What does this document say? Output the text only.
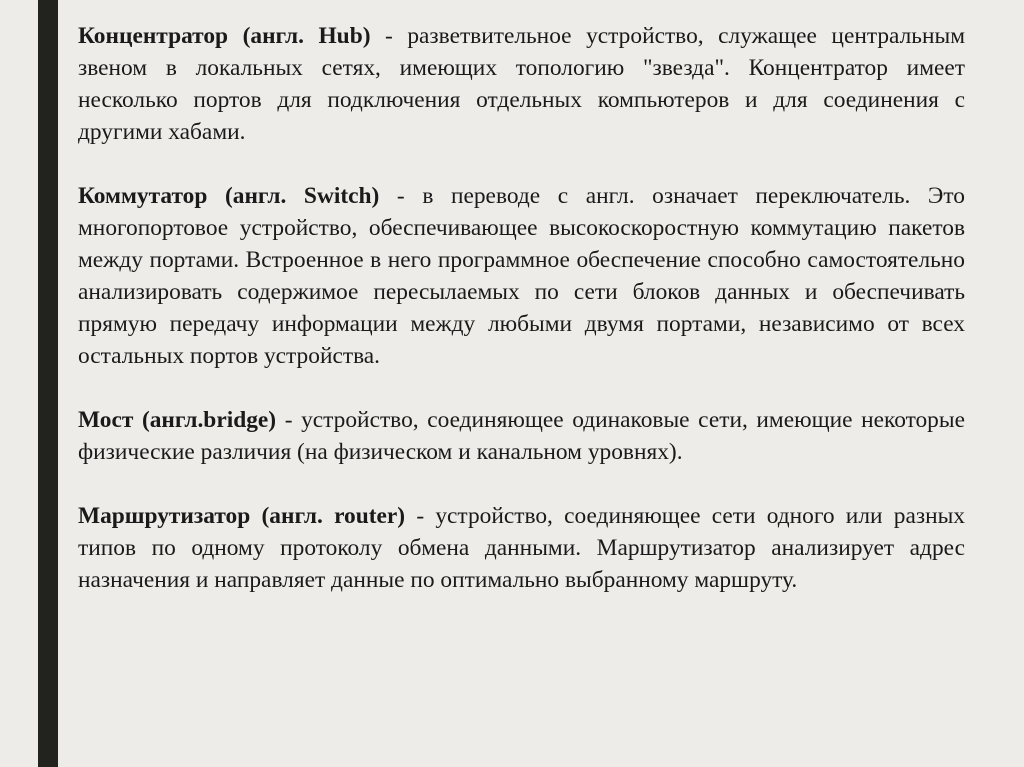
Концентратор (англ. Hub) - разветвительное устройство, служащее центральным звеном в локальных сетях, имеющих топологию "звезда". Концентратор имеет несколько портов для подключения отдельных компьютеров и для соединения с другими хабами.

Коммутатор (англ. Switch) - в переводе с англ. означает переключатель. Это многопортовое устройство, обеспечивающее высокоскоростную коммутацию пакетов между портами. Встроенное в него программное обеспечение способно самостоятельно анализировать содержимое пересылаемых по сети блоков данных и обеспечивать прямую передачу информации между любыми двумя портами, независимо от всех остальных портов устройства.

Мост (англ.bridge) - устройство, соединяющее одинаковые сети, имеющие некоторые физические различия (на физическом и канальном уровнях).

Маршрутизатор (англ. router) - устройство, соединяющее сети одного или разных типов по одному протоколу обмена данными. Маршрутизатор анализирует адрес назначения и направляет данные по оптимально выбранному маршруту.
